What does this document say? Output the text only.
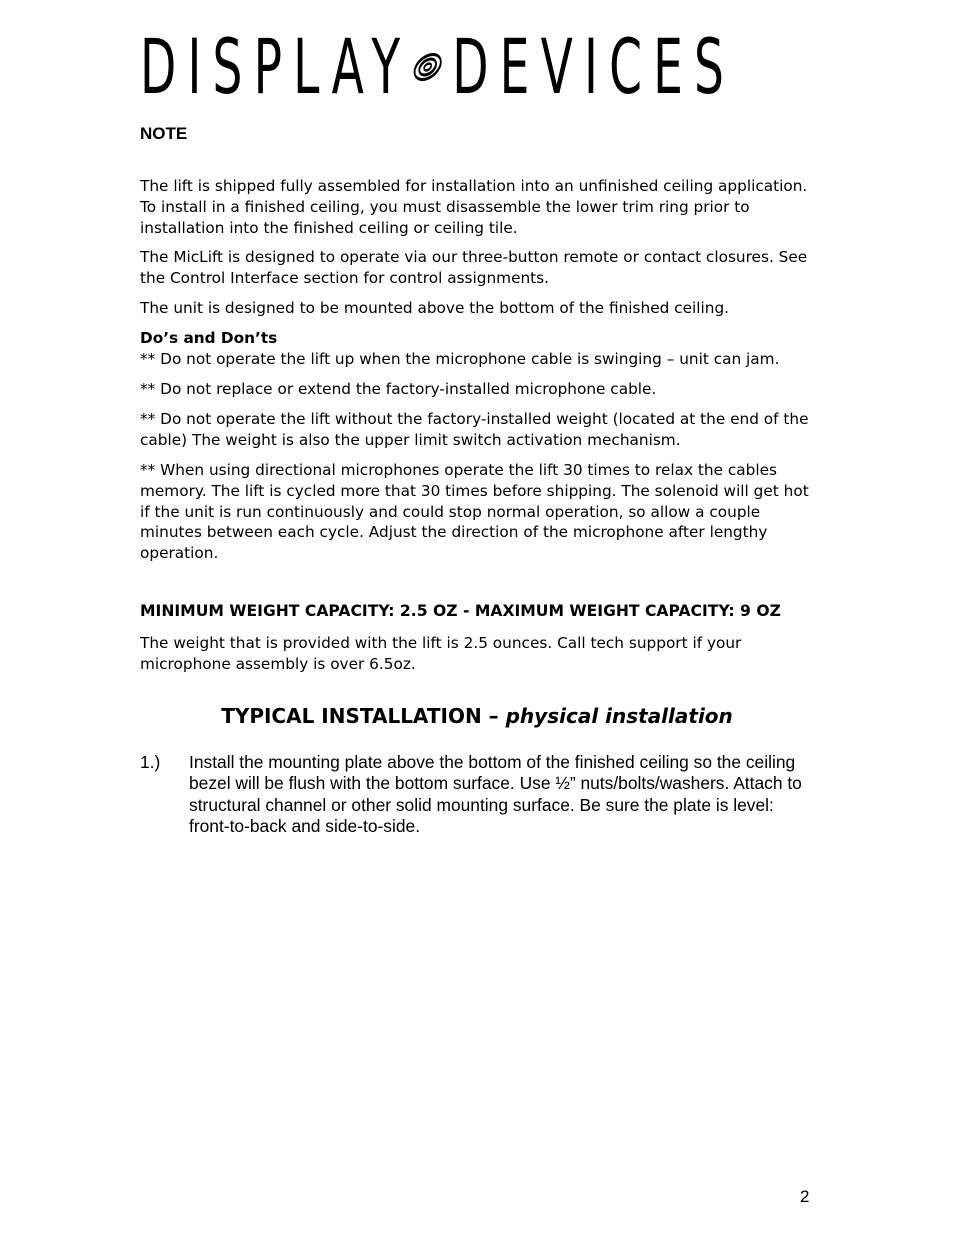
DISPLAY DEVICES
NOTE

The lift is shipped fully assembled for installation into an unfinished ceiling application. To install in a finished ceiling, you must disassemble the lower trim ring prior to installation into the finished ceiling or ceiling tile.

The MicLift is designed to operate via our three-button remote or contact closures. See the Control Interface section for control assignments.

The unit is designed to be mounted above the bottom of the finished ceiling.

Do’s and Don’ts

** Do not operate the lift up when the microphone cable is swinging – unit can jam.

** Do not replace or extend the factory-installed microphone cable.

** Do not operate the lift without the factory-installed weight (located at the end of the cable) The weight is also the upper limit switch activation mechanism.

** When using directional microphones operate the lift 30 times to relax the cables memory. The lift is cycled more that 30 times before shipping. The solenoid will get hot if the unit is run continuously and could stop normal operation, so allow a couple minutes between each cycle. Adjust the direction of the microphone after lengthy operation.

MINIMUM WEIGHT CAPACITY: 2.5 OZ - MAXIMUM WEIGHT CAPACITY: 9 OZ

The weight that is provided with the lift is 2.5 ounces. Call tech support if your microphone assembly is over 6.5oz.

TYPICAL INSTALLATION – physical installation
1.) Install the mounting plate above the bottom of the finished ceiling so the ceiling bezel will be flush with the bottom surface. Use ½” nuts/bolts/washers. Attach to structural channel or other solid mounting surface. Be sure the plate is level: front-to-back and side-to-side.
2
